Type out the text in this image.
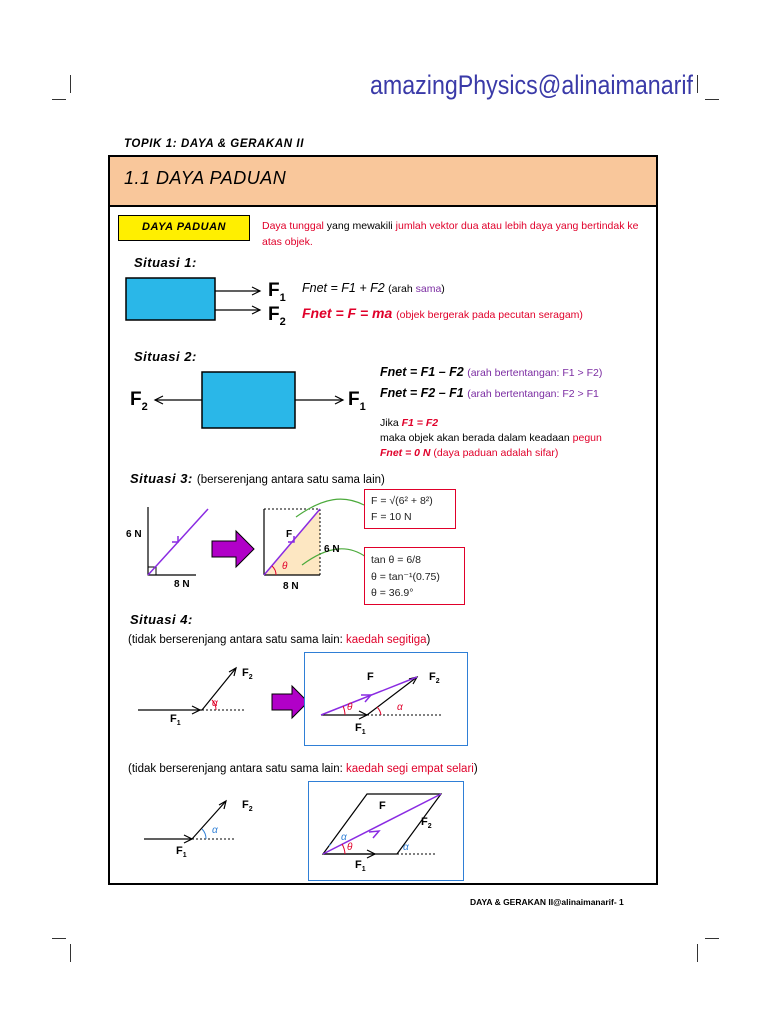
amazingPhysics@alinaimanarif
TOPIK 1: DAYA & GERAKAN II
1.1 DAYA PADUAN
DAYA PADUAN	Daya tunggal yang mewakili jumlah vektor dua atau lebih daya yang bertindak ke atas objek.
Situasi 1:
$F_1$
$F_2$
Fnet = F1 + F2 (arah sama)
Fnet = F = ma (objek bergerak pada pecutan seragam)
Situasi 2:
$F_2$	$F_1$
Fnet = F1 – F2 (arah bertentangan: F1 > F2)
Fnet = F2 – F1 (arah bertentangan: F2 > F1
Jika F1 = F2
maka objek akan berada dalam keadaan pegun
Fnet = 0 N (daya paduan adalah sifar)
Situasi 3: (berserenjang antara satu sama lain)
6 N
8 N
F
6 N
8 N
θ
F = √(6² + 8²)
F = 10 N
tan θ = 6/8
θ = tan⁻¹(0.75)
θ = 36.9°
Situasi 4:
(tidak berserenjang antara satu sama lain: kaedah segitiga)
$F_1$
$F_2$
α
F	$F_2$
$F_1$
θ	α
(tidak berserenjang antara satu sama lain: kaedah segi empat selari)
$F_1$
$F_2$
α
F
$F_2$
$F_1$
θ
α
α
DAYA & GERAKAN II@alinaimanarif- 1
